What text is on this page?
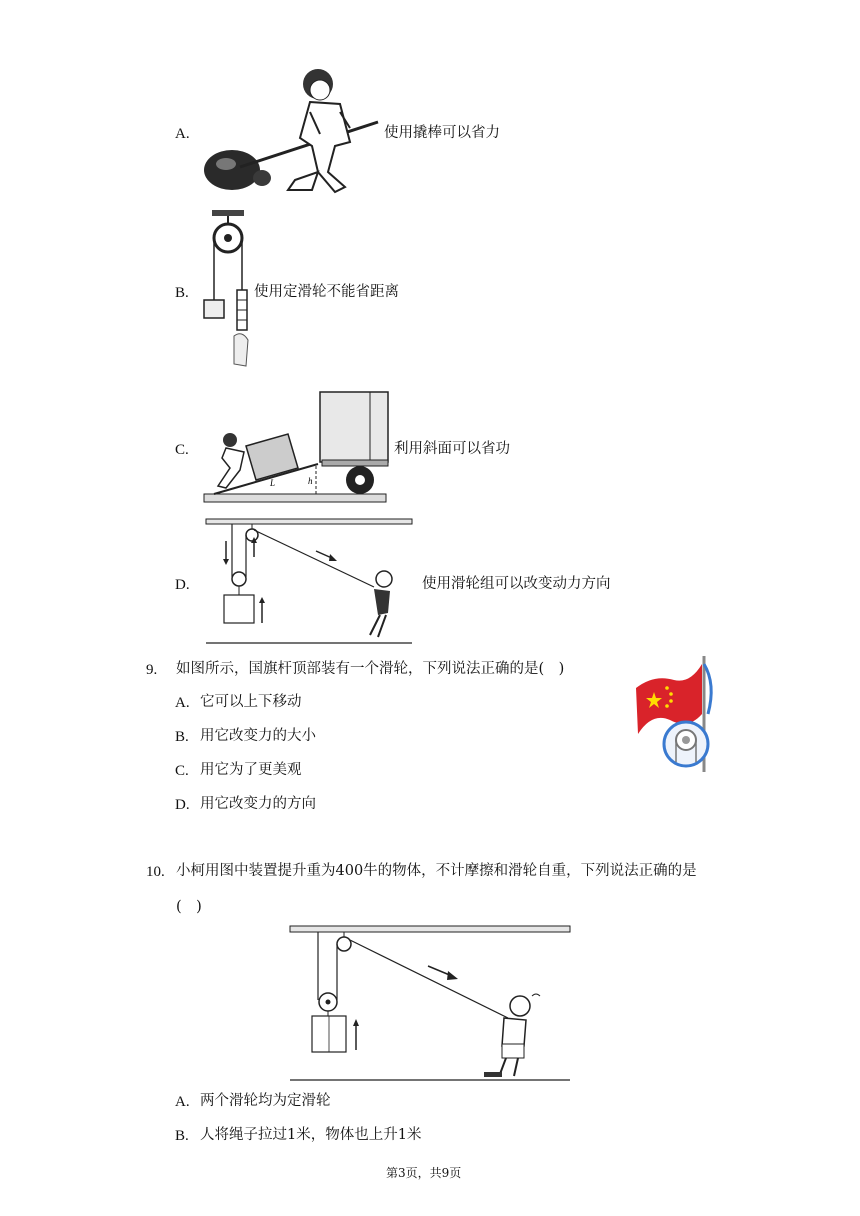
A.	使用撬棒可以省力
B.	使用定滑轮不能省距离
C.
L	h
利用斜面可以省功
D.	使用滑轮组可以改变动力方向
9. 如图所示，国旗杆顶部装有一个滑轮，下列说法正确的是( )
A. 它可以上下移动
B. 用它改变力的大小
C. 用它为了更美观
D. 用它改变力的方向
10. 小柯用图中装置提升重为400牛的物体，不计摩擦和滑轮自重，下列说法正确的是
( )
A. 两个滑轮均为定滑轮
B. 人将绳子拉过1米，物体也上升1米
第3页，共9页
